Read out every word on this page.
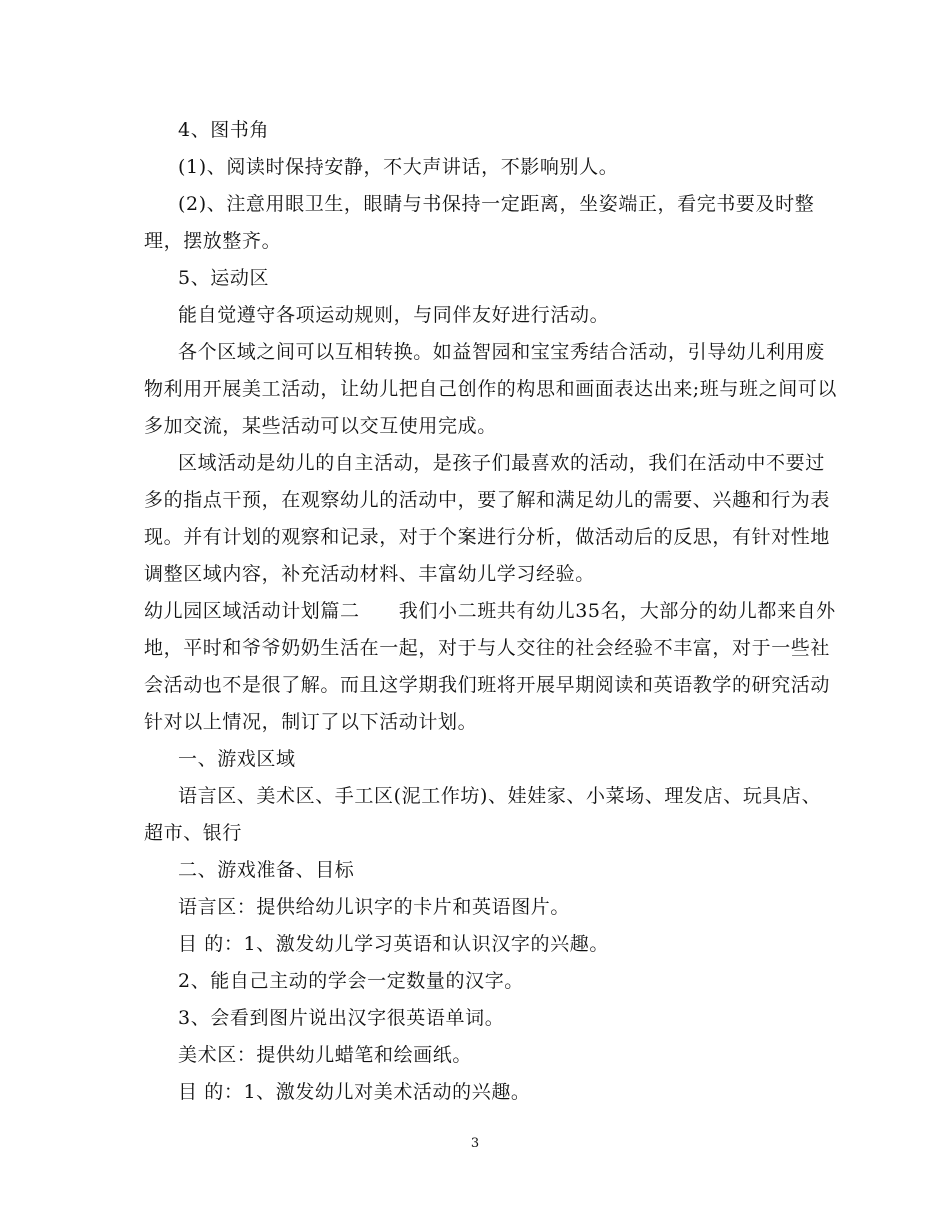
4、图书角
(1)、阅读时保持安静，不大声讲话，不影响别人。
(2)、注意用眼卫生，眼睛与书保持一定距离，坐姿端正，看完书要及时整
理，摆放整齐。
5、运动区
能自觉遵守各项运动规则，与同伴友好进行活动。
各个区域之间可以互相转换。如益智园和宝宝秀结合活动，引导幼儿利用废
物利用开展美工活动，让幼儿把自己创作的构思和画面表达出来;班与班之间可以
多加交流，某些活动可以交互使用完成。
区域活动是幼儿的自主活动，是孩子们最喜欢的活动，我们在活动中不要过
多的指点干预，在观察幼儿的活动中，要了解和满足幼儿的需要、兴趣和行为表
现。并有计划的观察和记录，对于个案进行分析，做活动后的反思，有针对性地
调整区域内容，补充活动材料、丰富幼儿学习经验。
幼儿园区域活动计划篇二　　我们小二班共有幼儿35名，大部分的幼儿都来自外
地，平时和爷爷奶奶生活在一起，对于与人交往的社会经验不丰富，对于一些社
会活动也不是很了解。而且这学期我们班将开展早期阅读和英语教学的研究活动
针对以上情况，制订了以下活动计划。
一、游戏区域
语言区、美术区、手工区(泥工作坊)、娃娃家、小菜场、理发店、玩具店、
超市、银行
二、游戏准备、目标
语言区：提供给幼儿识字的卡片和英语图片。
目 的：1、激发幼儿学习英语和认识汉字的兴趣。
2、能自己主动的学会一定数量的汉字。
3、会看到图片说出汉字很英语单词。
美术区：提供幼儿蜡笔和绘画纸。
目 的：1、激发幼儿对美术活动的兴趣。
3
